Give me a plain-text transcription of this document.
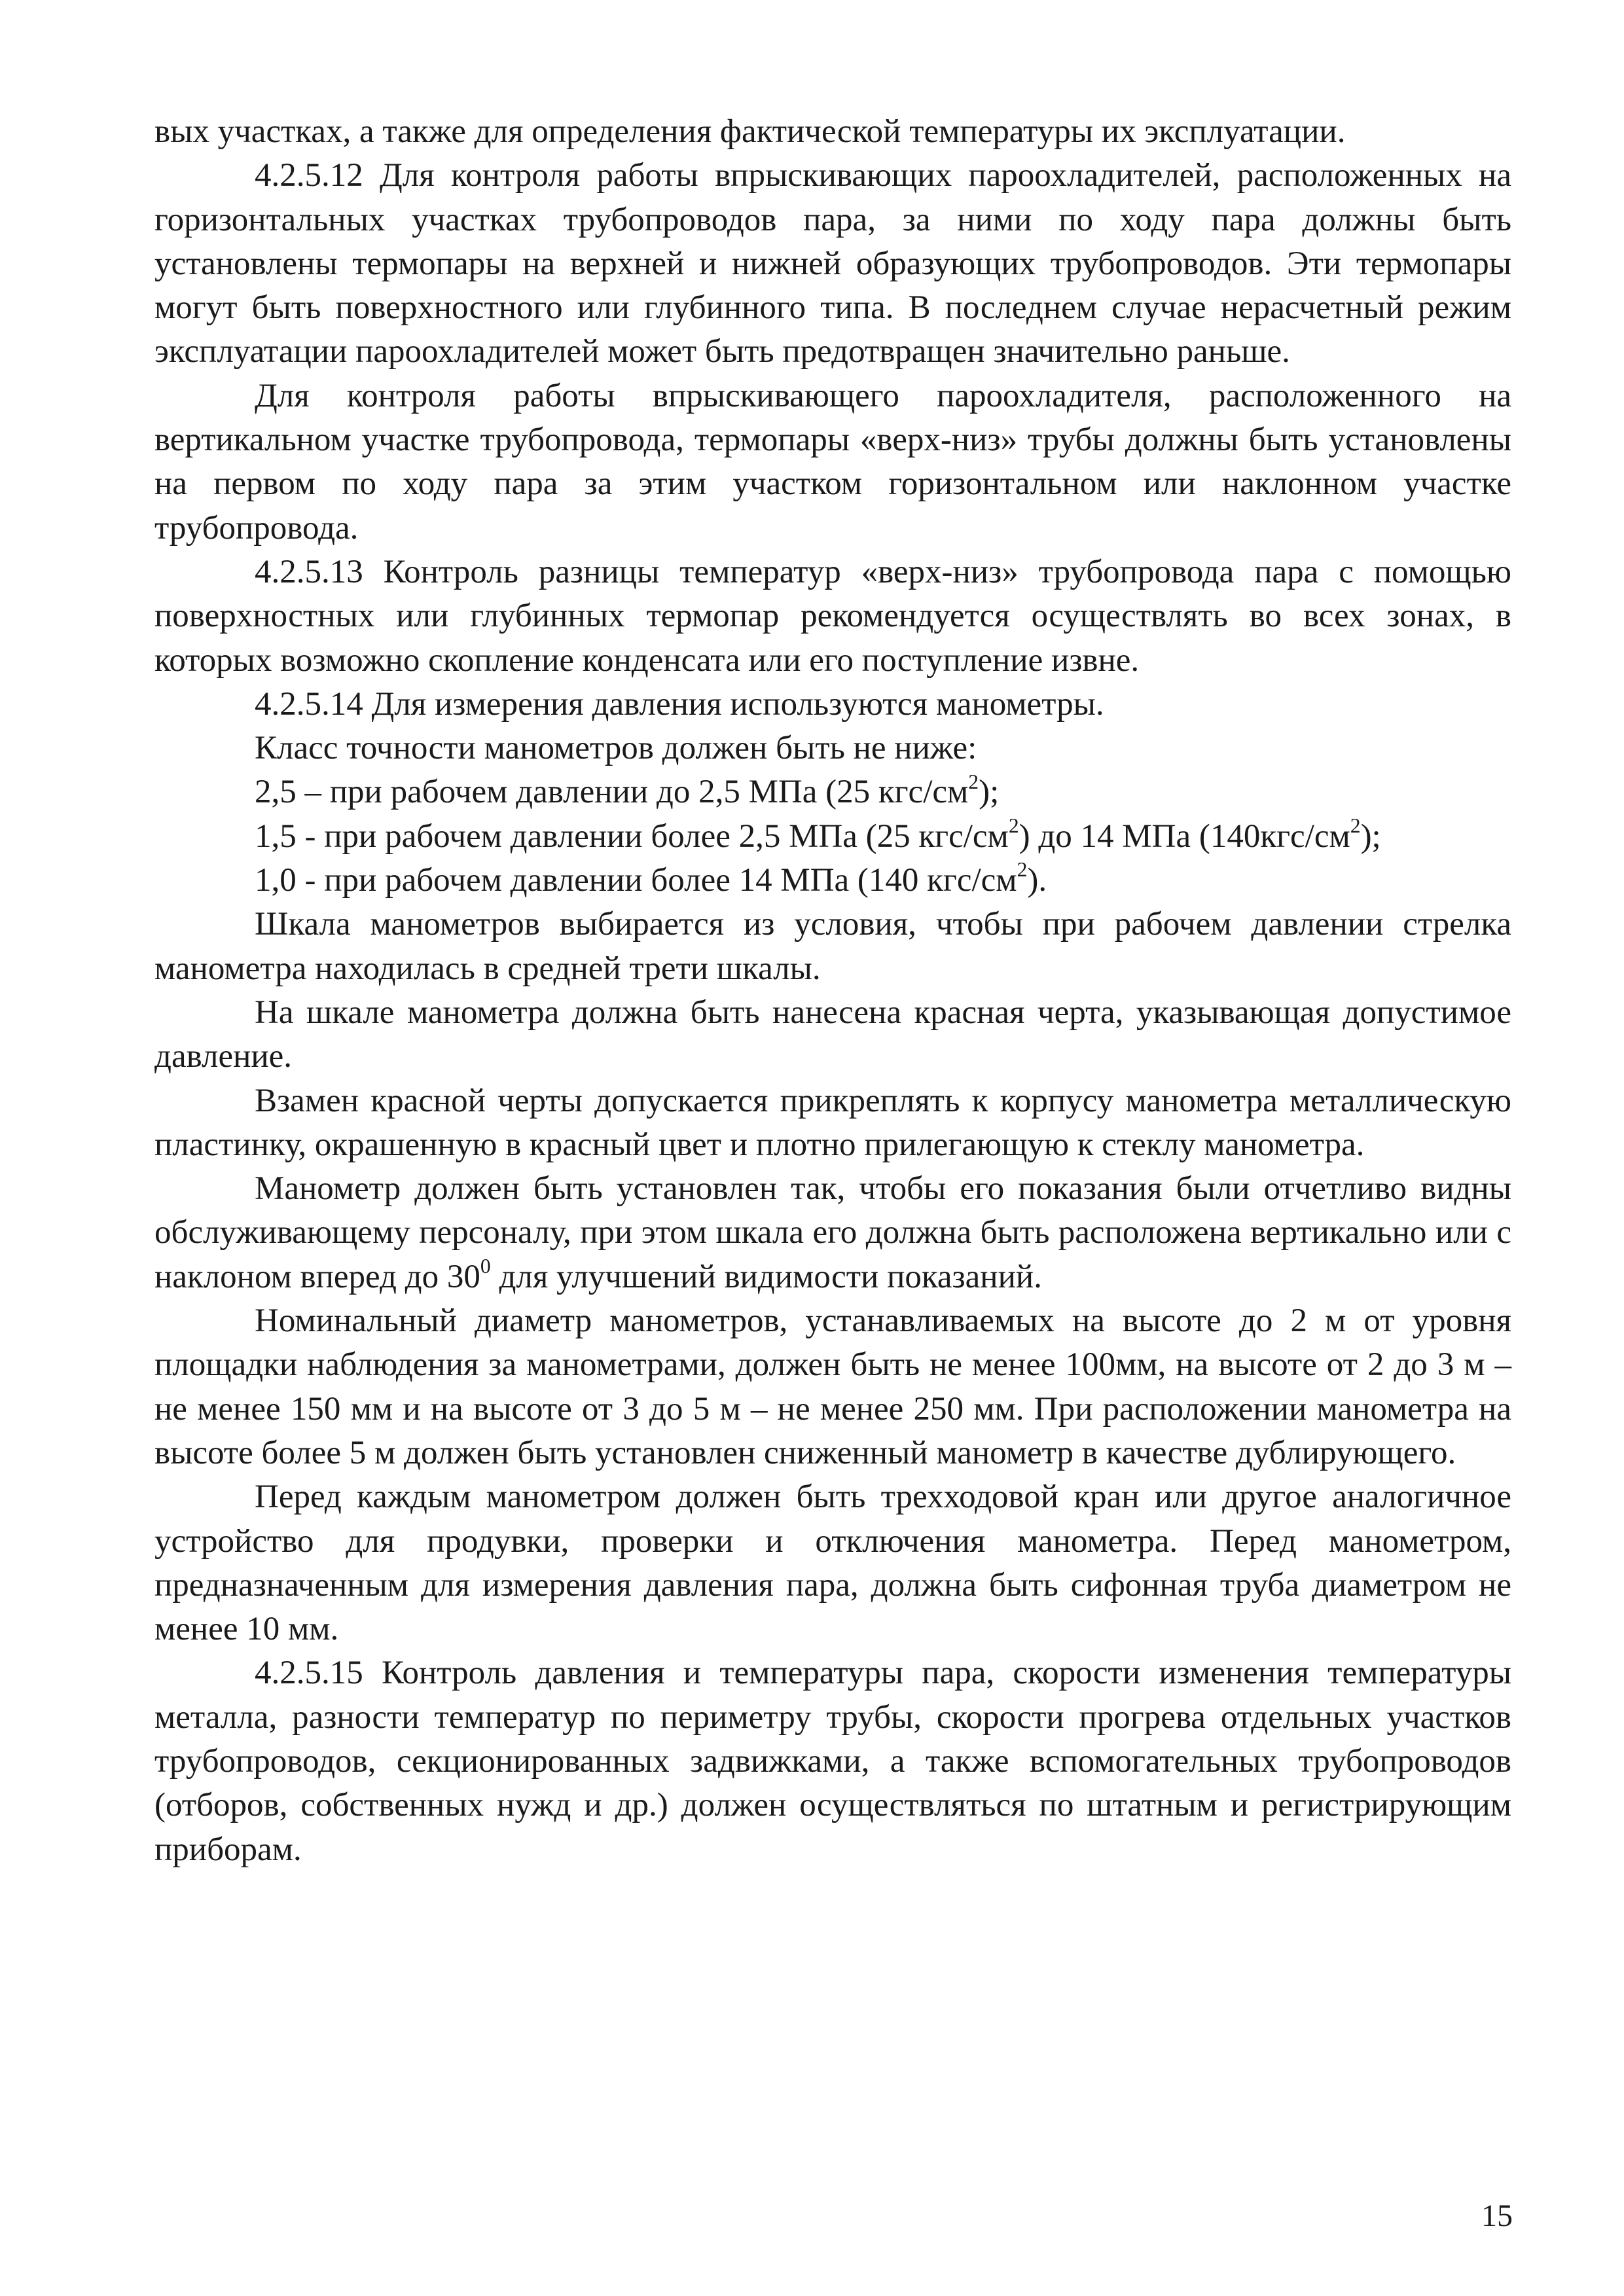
вых участках, а также для определения фактической температуры их эксплуатации.

4.2.5.12 Для контроля работы впрыскивающих пароохладителей, расположенных на горизонтальных участках трубопроводов пара, за ними по ходу пара должны быть установлены термопары на верхней и нижней образующих трубопроводов. Эти термопары могут быть поверхностного или глубинного типа. В последнем случае нерасчетный режим эксплуатации пароохладителей может быть предотвращен значительно раньше.

Для контроля работы впрыскивающего пароохладителя, расположенного на вертикальном участке трубопровода, термопары «верх-низ» трубы должны быть установлены на первом по ходу пара за этим участком горизонтальном или наклонном участке трубопровода.

4.2.5.13 Контроль разницы температур «верх-низ» трубопровода пара с помощью поверхностных или глубинных термопар рекомендуется осуществлять во всех зонах, в которых возможно скопление конденсата или его поступление извне.

4.2.5.14 Для измерения давления используются манометры.

Класс точности манометров должен быть не ниже:

2,5 – при рабочем давлении до 2,5 МПа (25 кгс/$см^2$);

1,5 - при рабочем давлении более 2,5 МПа (25 кгс/$см^2$) до 14 МПа $(140кгс/см^2)$;

1,0 - при рабочем давлении более 14 МПа (140 кгс/$см^2$).

Шкала манометров выбирается из условия, чтобы при рабочем давлении стрелка манометра находилась в средней трети шкалы.

На шкале манометра должна быть нанесена красная черта, указывающая допустимое давление.

Взамен красной черты допускается прикреплять к корпусу манометра металлическую пластинку, окрашенную в красный цвет и плотно прилегающую к стеклу манометра.

Манометр должен быть установлен так, чтобы его показания были отчетливо видны обслуживающему персоналу, при этом шкала его должна быть расположена вертикально или с наклоном вперед до $30^0$ для улучшений видимости показаний.

Номинальный диаметр манометров, устанавливаемых на высоте до 2 м от уровня площадки наблюдения за манометрами, должен быть не менее 100мм, на высоте от 2 до 3 м – не менее 150 мм и на высоте от 3 до 5 м – не менее 250 мм. При расположении манометра на высоте более 5 м должен быть установлен сниженный манометр в качестве дублирующего.

Перед каждым манометром должен быть трехходовой кран или другое аналогичное устройство для продувки, проверки и отключения манометра. Перед манометром, предназначенным для измерения давления пара, должна быть сифонная труба диаметром не менее 10 мм.

4.2.5.15 Контроль давления и температуры пара, скорости изменения температуры металла, разности температур по периметру трубы, скорости прогрева отдельных участков трубопроводов, секционированных задвижками, а также вспомогательных трубопроводов (отборов, собственных нужд и др.) должен осуществляться по штатным и регистрирующим приборам.

15
